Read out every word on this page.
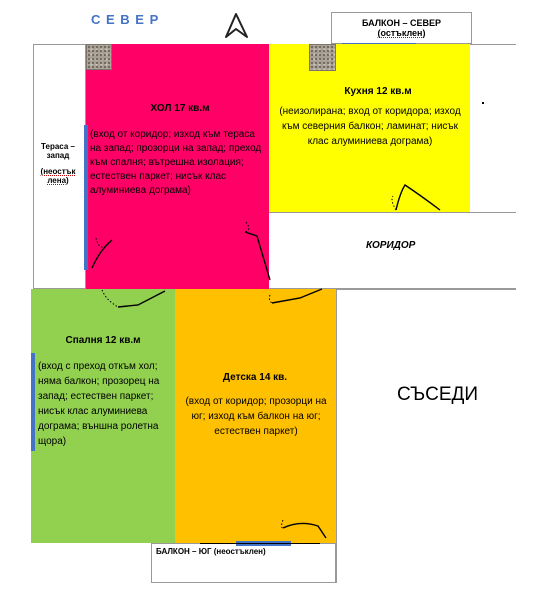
С Е В Е Р	БАЛКОН – СЕВЕР
(остъклен)
Тераса – запад
(неостък лена)
ХОЛ 17 кв.м
(вход от коридор; изход към тераса на запад; прозорци на запад; преход към спалня; вътрешна изолация; естествен паркет; нисък клас алуминиева дограма)
Кухня 12 кв.м
(неизолирана; вход от коридора; изход към северния балкон; ламинат; нисък клас алуминиева дограма)
КОРИДОР
Спалня 12 кв.м
(вход с преход откъм хол; няма балкон; прозорец на запад; естествен паркет; нисък клас алуминиева дограма; външна ролетна щора)
Детска 14 кв.
(вход от коридор; прозорци на юг; изход към балкон на юг; естествен паркет)
СЪСЕДИ
БАЛКОН – ЮГ (неостъклен)
